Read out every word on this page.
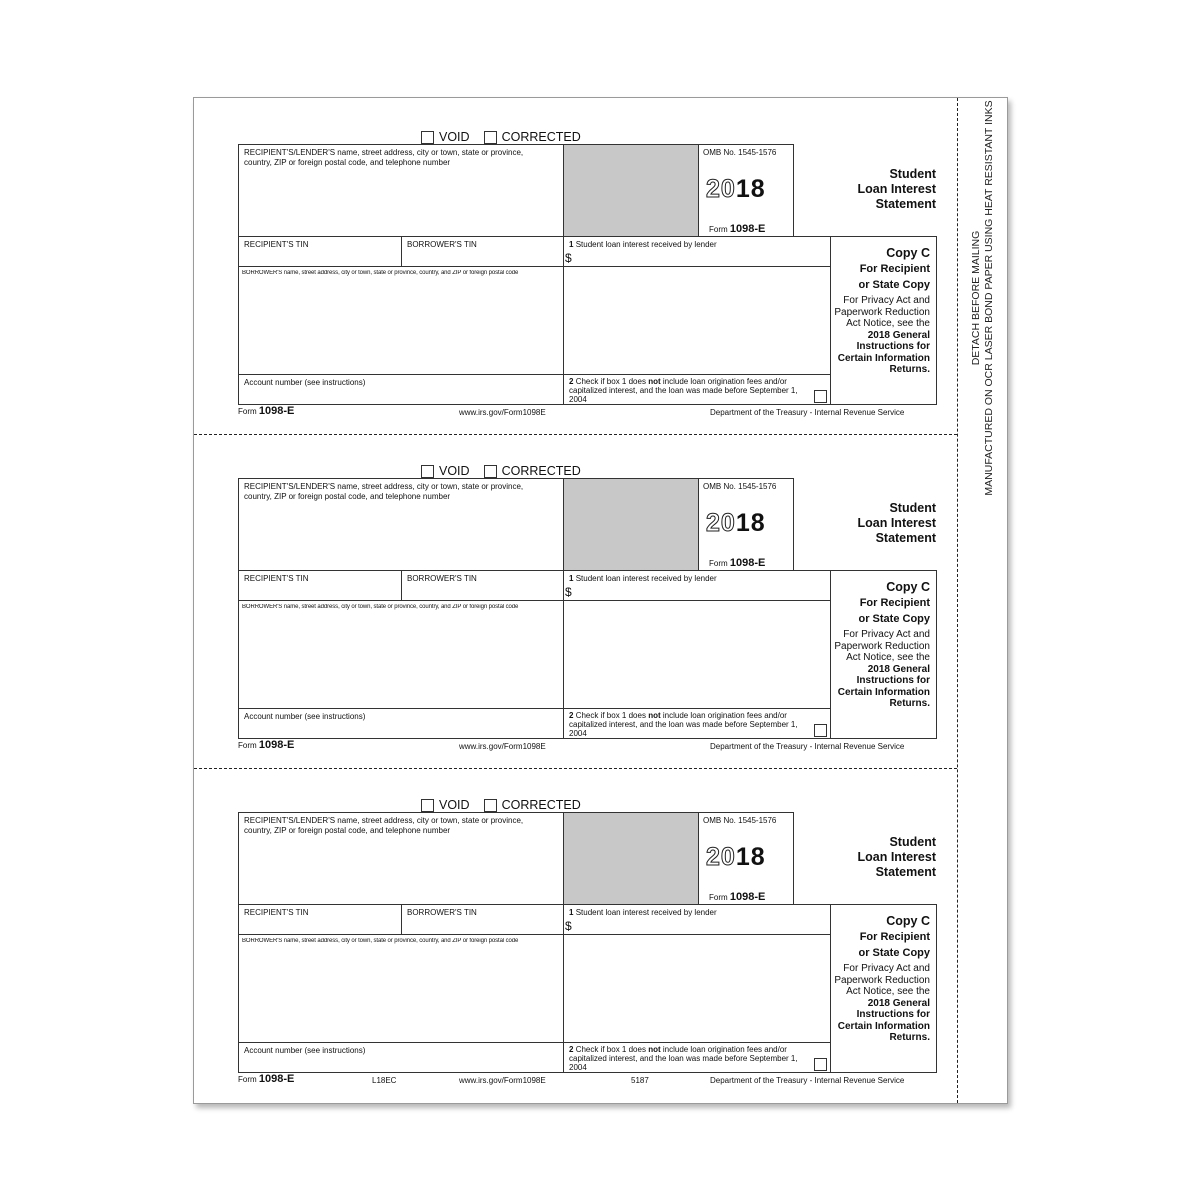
DETACH BEFORE MAILING MANUFACTURED ON OCR LASER BOND PAPER USING HEAT RESISTANT INKS
VOID	CORRECTED
RECIPIENT'S/LENDER'S name, street address, city or town, state or province, country, ZIP or foreign postal code, and telephone number
OMB No. 1545-1576
2018
Form 1098-E
Student
Loan Interest
Statement
RECIPIENT'S TIN	BORROWER'S TIN	1 Student loan interest received by lender
$
BORROWER'S name, street address, city or town, state or province, country, and ZIP or foreign postal code
Account number (see instructions)	2 Check if box 1 does not include loan origination fees and/or capitalized interest, and the loan was made before September 1, 2004
Copy C
For Recipient
or State Copy
For Privacy Act and Paperwork Reduction Act Notice, see the 2018 General Instructions for Certain Information Returns.
Form 1098-E	www.irs.gov/Form1098E	Department of the Treasury - Internal Revenue Service
VOID	CORRECTED
RECIPIENT'S/LENDER'S name, street address, city or town, state or province, country, ZIP or foreign postal code, and telephone number
OMB No. 1545-1576
2018
Form 1098-E
Student
Loan Interest
Statement
RECIPIENT'S TIN	BORROWER'S TIN	1 Student loan interest received by lender
$
BORROWER'S name, street address, city or town, state or province, country, and ZIP or foreign postal code
Account number (see instructions)	2 Check if box 1 does not include loan origination fees and/or capitalized interest, and the loan was made before September 1, 2004
Copy C
For Recipient
or State Copy
For Privacy Act and Paperwork Reduction Act Notice, see the 2018 General Instructions for Certain Information Returns.
Form 1098-E	www.irs.gov/Form1098E	Department of the Treasury - Internal Revenue Service
VOID	CORRECTED
RECIPIENT'S/LENDER'S name, street address, city or town, state or province, country, ZIP or foreign postal code, and telephone number
OMB No. 1545-1576
2018
Form 1098-E
Student
Loan Interest
Statement
RECIPIENT'S TIN	BORROWER'S TIN	1 Student loan interest received by lender
$
BORROWER'S name, street address, city or town, state or province, country, and ZIP or foreign postal code
Account number (see instructions)	2 Check if box 1 does not include loan origination fees and/or capitalized interest, and the loan was made before September 1, 2004
Copy C
For Recipient
or State Copy
For Privacy Act and Paperwork Reduction Act Notice, see the 2018 General Instructions for Certain Information Returns.
Form 1098-E	L18EC	www.irs.gov/Form1098E	5187	Department of the Treasury - Internal Revenue Service
